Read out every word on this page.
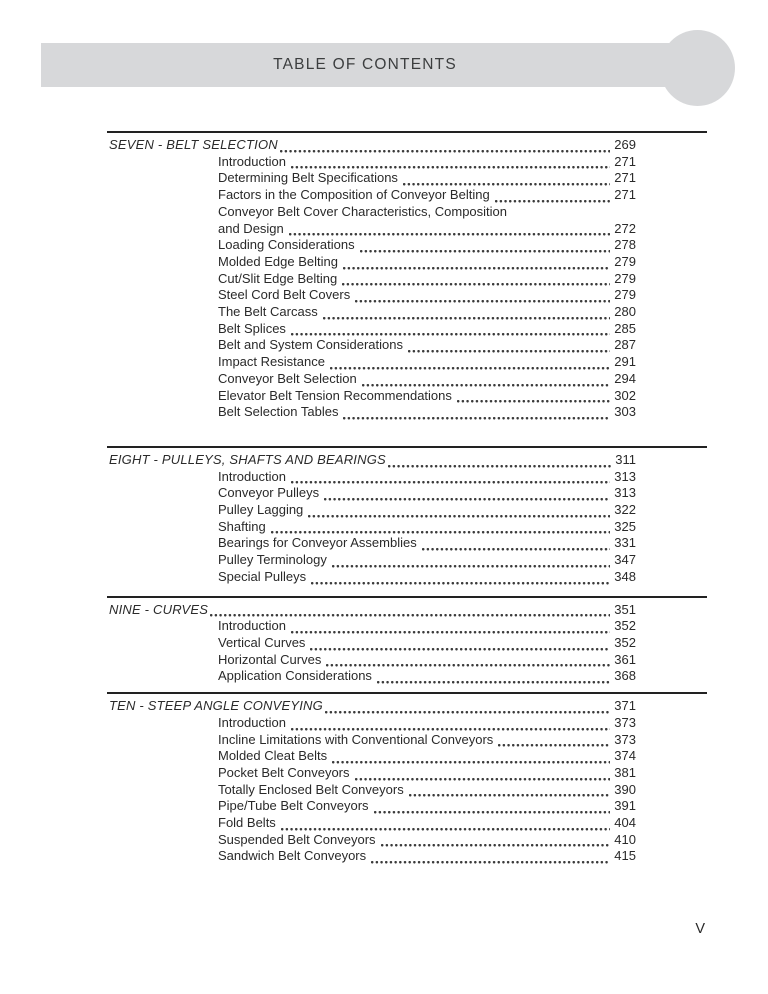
TABLE OF CONTENTS
SEVEN - BELT SELECTION	269
Introduction	271
Determining Belt Specifications	271
Factors in the Composition of Conveyor Belting	271
Conveyor Belt Cover Characteristics, Composition
and Design	272
Loading Considerations	278
Molded Edge Belting	279
Cut/Slit Edge Belting	279
Steel Cord Belt Covers	279
The Belt Carcass	280
Belt Splices	285
Belt and System Considerations	287
Impact Resistance	291
Conveyor Belt Selection	294
Elevator Belt Tension Recommendations	302
Belt Selection Tables	303
EIGHT - PULLEYS, SHAFTS AND BEARINGS	311
Introduction	313
Conveyor Pulleys	313
Pulley Lagging	322
Shafting	325
Bearings for Conveyor Assemblies	331
Pulley Terminology	347
Special Pulleys	348
NINE - CURVES	351
Introduction	352
Vertical Curves	352
Horizontal Curves	361
Application Considerations	368
TEN - STEEP ANGLE CONVEYING	371
Introduction	373
Incline Limitations with Conventional Conveyors	373
Molded Cleat Belts	374
Pocket Belt Conveyors	381
Totally Enclosed Belt Conveyors	390
Pipe/Tube Belt Conveyors	391
Fold Belts	404
Suspended Belt Conveyors	410
Sandwich Belt Conveyors	415
V
